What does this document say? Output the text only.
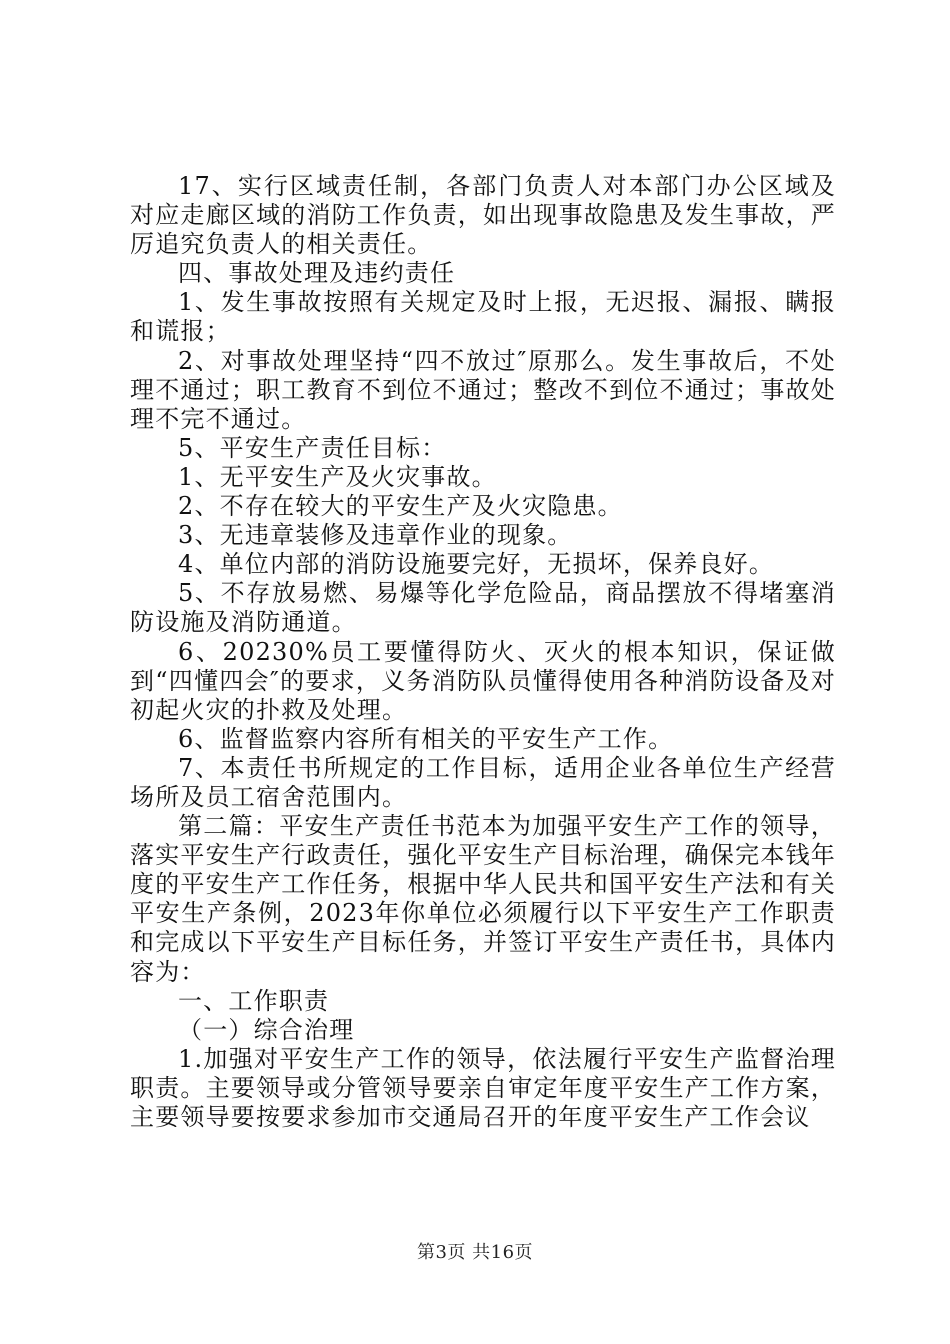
17、实行区域责任制，各部门负责人对本部门办公区域及对应走廊区域的消防工作负责，如出现事故隐患及发生事故，严厉追究负责人的相关责任。

四、事故处理及违约责任

1、发生事故按照有关规定及时上报，无迟报、漏报、瞒报和谎报；

2、对事故处理坚持“四不放过″原那么。发生事故后，不处理不通过；职工教育不到位不通过；整改不到位不通过；事故处理不完不通过。

5、平安生产责任目标：

1、无平安生产及火灾事故。

2、不存在较大的平安生产及火灾隐患。

3、无违章装修及违章作业的现象。

4、单位内部的消防设施要完好，无损坏，保养良好。

5、不存放易燃、易爆等化学危险品，商品摆放不得堵塞消防设施及消防通道。

6、20230%员工要懂得防火、灭火的根本知识，保证做到“四懂四会″的要求，义务消防队员懂得使用各种消防设备及对初起火灾的扑救及处理。

6、监督监察内容所有相关的平安生产工作。

7、本责任书所规定的工作目标，适用企业各单位生产经营场所及员工宿舍范围内。

第二篇：平安生产责任书范本为加强平安生产工作的领导，落实平安生产行政责任，强化平安生产目标治理，确保完本钱年度的平安生产工作任务，根据中华人民共和国平安生产法和有关平安生产条例，2023年你单位必须履行以下平安生产工作职责和完成以下平安生产目标任务，并签订平安生产责任书，具体内容为：

一、工作职责

（一）综合治理

1.加强对平安生产工作的领导，依法履行平安生产监督治理职责。主要领导或分管领导要亲自审定年度平安生产工作方案，主要领导要按要求参加市交通局召开的年度平安生产工作会议

第3页 共16页
